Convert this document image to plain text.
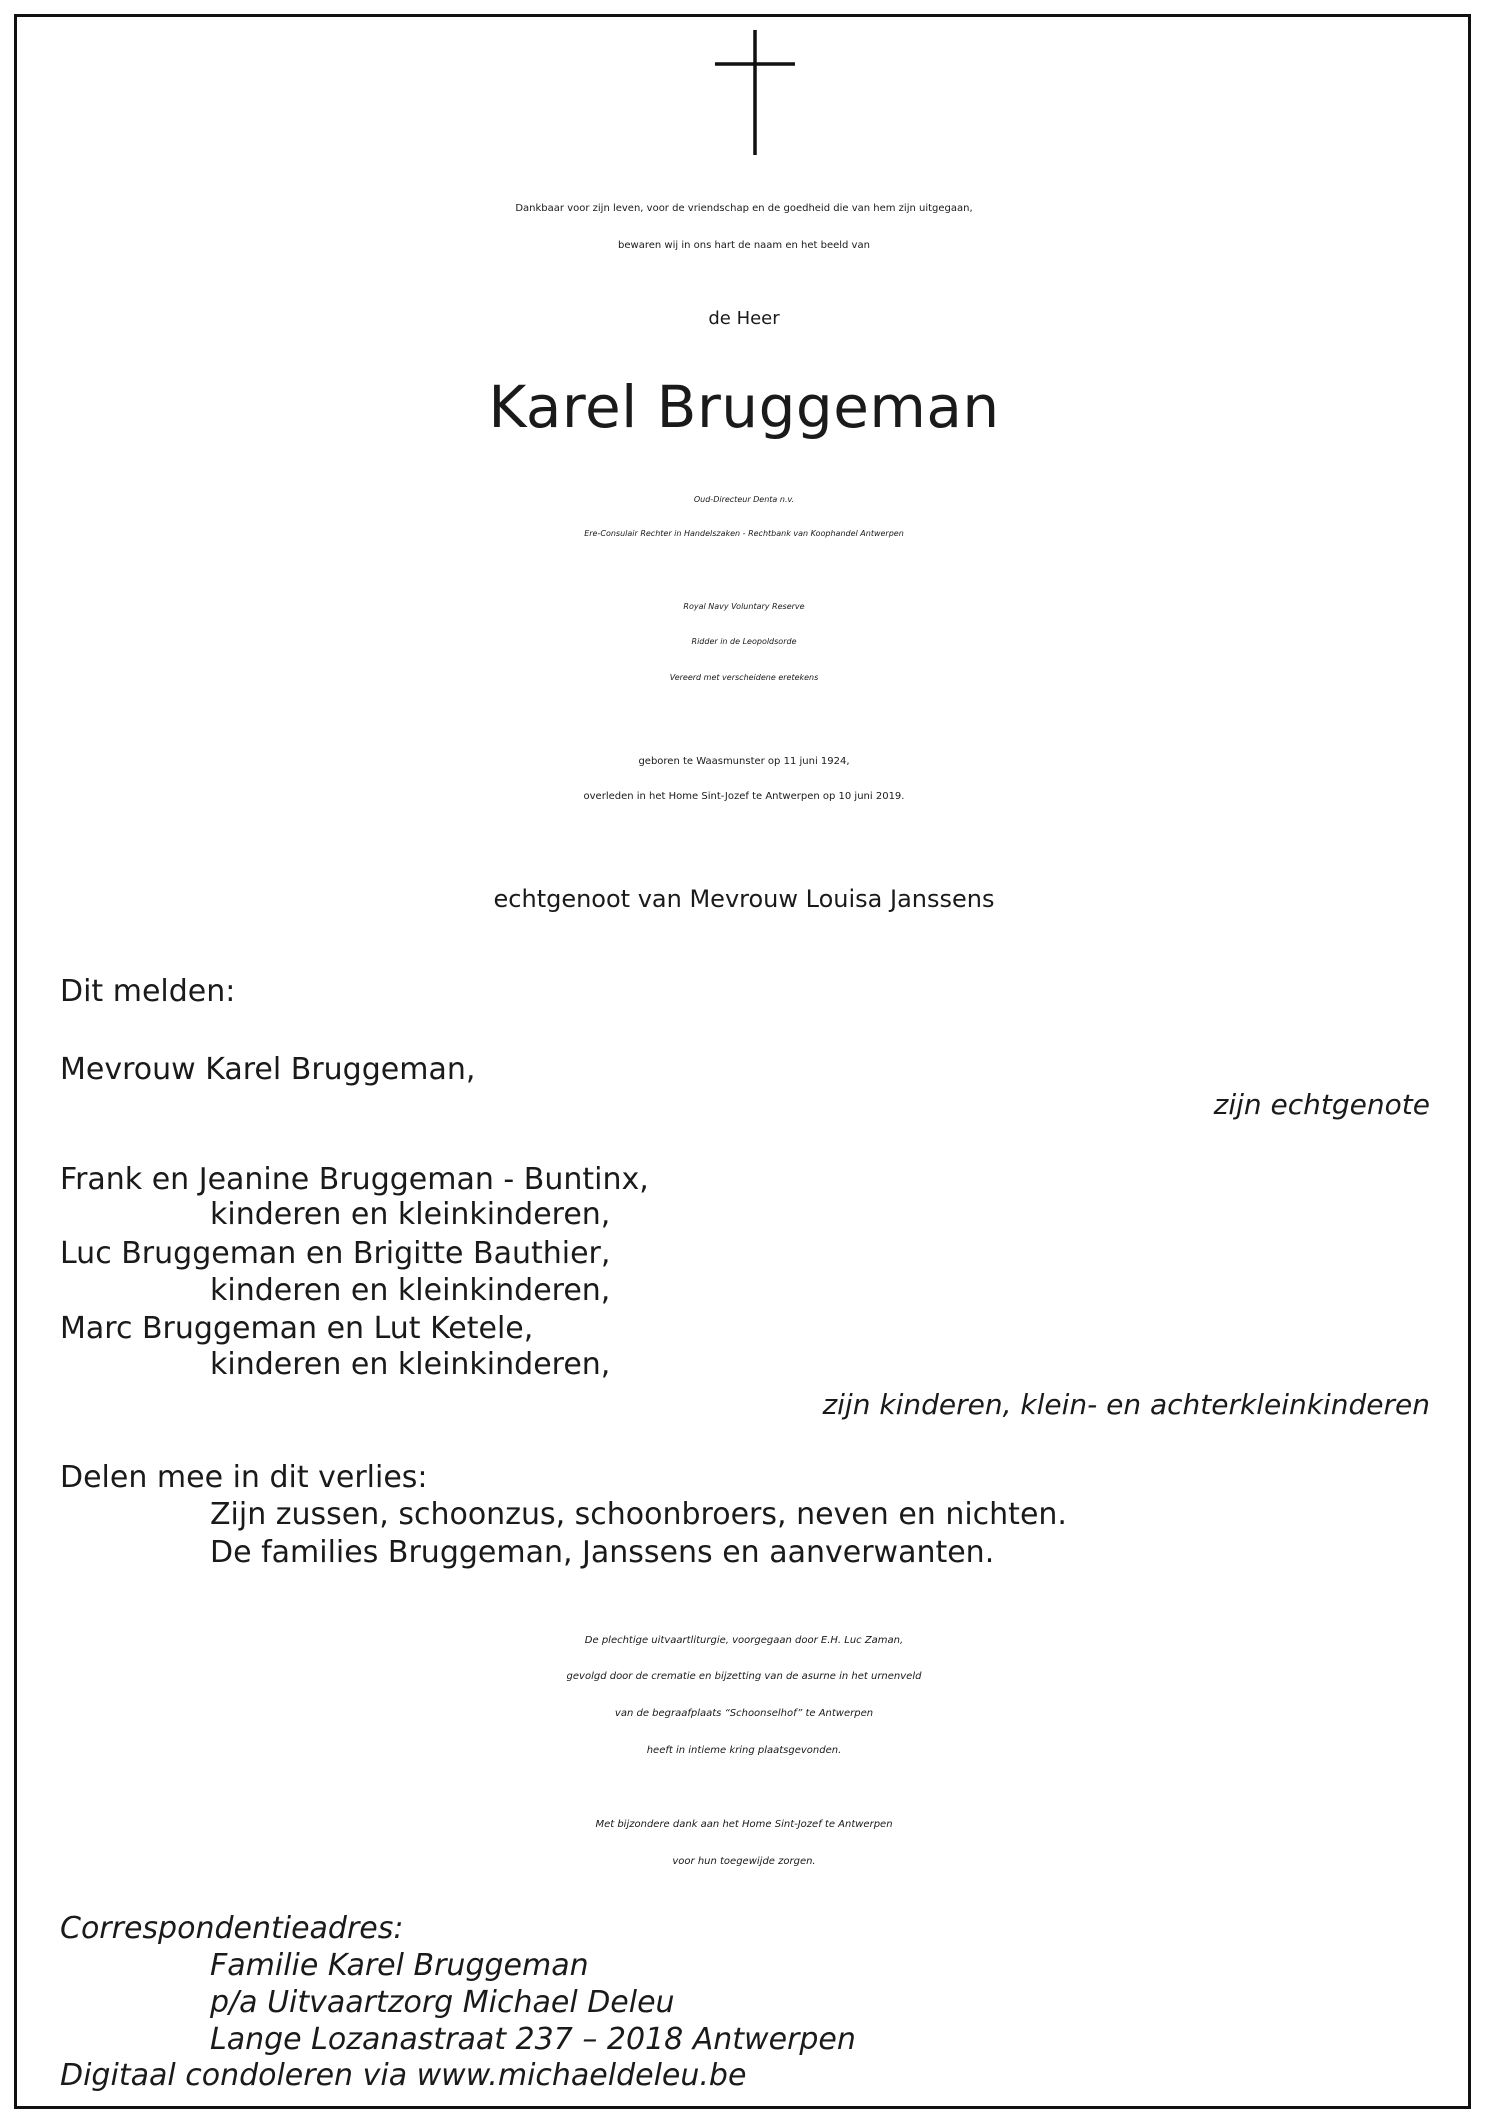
Dankbaar voor zijn leven, voor de vriendschap en de goedheid die van hem zijn uitgegaan,

bewaren wij in ons hart de naam en het beeld van

de Heer

Karel Bruggeman

Oud-Directeur Denta n.v.

Ere-Consulair Rechter in Handelszaken - Rechtbank van Koophandel Antwerpen

Royal Navy Voluntary Reserve

Ridder in de Leopoldsorde

Vereerd met verscheidene eretekens

geboren te Waasmunster op 11 juni 1924,

overleden in het Home Sint-Jozef te Antwerpen op 10 juni 2019.

echtgenoot van Mevrouw Louisa Janssens

Dit melden:

Mevrouw Karel Bruggeman,

zijn echtgenote

Frank en Jeanine Bruggeman - Buntinx,

kinderen en kleinkinderen,

Luc Bruggeman en Brigitte Bauthier,

kinderen en kleinkinderen,

Marc Bruggeman en Lut Ketele,

kinderen en kleinkinderen,

zijn kinderen, klein- en achterkleinkinderen

Delen mee in dit verlies:

Zijn zussen, schoonzus, schoonbroers, neven en nichten.

De families Bruggeman, Janssens en aanverwanten.

De plechtige uitvaartliturgie, voorgegaan door E.H. Luc Zaman,

gevolgd door de crematie en bijzetting van de asurne in het urnenveld

van de begraafplaats “Schoonselhof” te Antwerpen

heeft in intieme kring plaatsgevonden.

Met bijzondere dank aan het Home Sint-Jozef te Antwerpen

voor hun toegewijde zorgen.

Correspondentieadres:

Familie Karel Bruggeman

p/a Uitvaartzorg Michael Deleu

Lange Lozanastraat 237 – 2018 Antwerpen

Digitaal condoleren via www.michaeldeleu.be
